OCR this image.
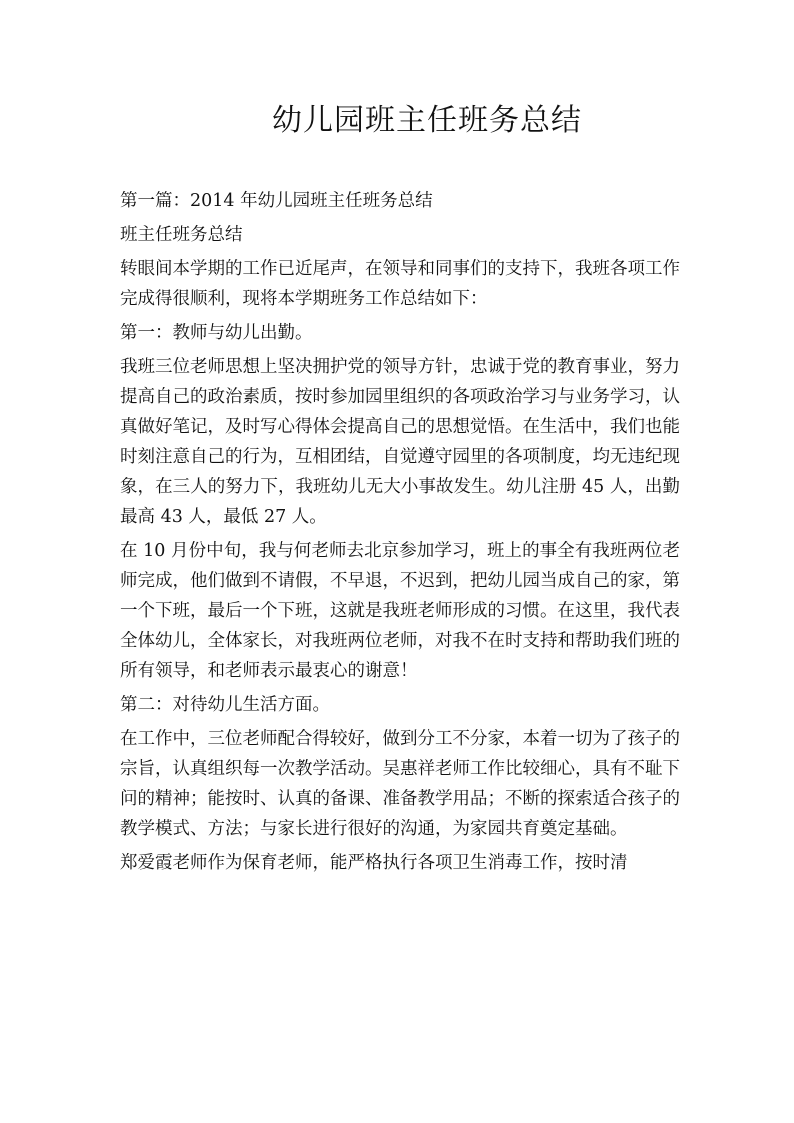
幼儿园班主任班务总结

第一篇：2014 年幼儿园班主任班务总结

班主任班务总结

转眼间本学期的工作已近尾声，在领导和同事们的支持下，我班各项工作完成得很顺利，现将本学期班务工作总结如下：

第一：教师与幼儿出勤。

我班三位老师思想上坚决拥护党的领导方针，忠诚于党的教育事业，努力提高自己的政治素质，按时参加园里组织的各项政治学习与业务学习，认真做好笔记，及时写心得体会提高自己的思想觉悟。在生活中，我们也能时刻注意自己的行为，互相团结，自觉遵守园里的各项制度，均无违纪现象，在三人的努力下，我班幼儿无大小事故发生。幼儿注册 45 人，出勤最高 43 人，最低 27 人。

在 10 月份中旬，我与何老师去北京参加学习，班上的事全有我班两位老师完成，他们做到不请假，不早退，不迟到，把幼儿园当成自己的家，第一个下班，最后一个下班，这就是我班老师形成的习惯。在这里，我代表全体幼儿，全体家长，对我班两位老师，对我不在时支持和帮助我们班的所有领导，和老师表示最衷心的谢意！

第二：对待幼儿生活方面。

在工作中，三位老师配合得较好，做到分工不分家，本着一切为了孩子的宗旨，认真组织每一次教学活动。吴惠祥老师工作比较细心，具有不耻下问的精神；能按时、认真的备课、准备教学用品；不断的探索适合孩子的教学模式、方法；与家长进行很好的沟通，为家园共育奠定基础。

郑爱霞老师作为保育老师，能严格执行各项卫生消毒工作，按时清
